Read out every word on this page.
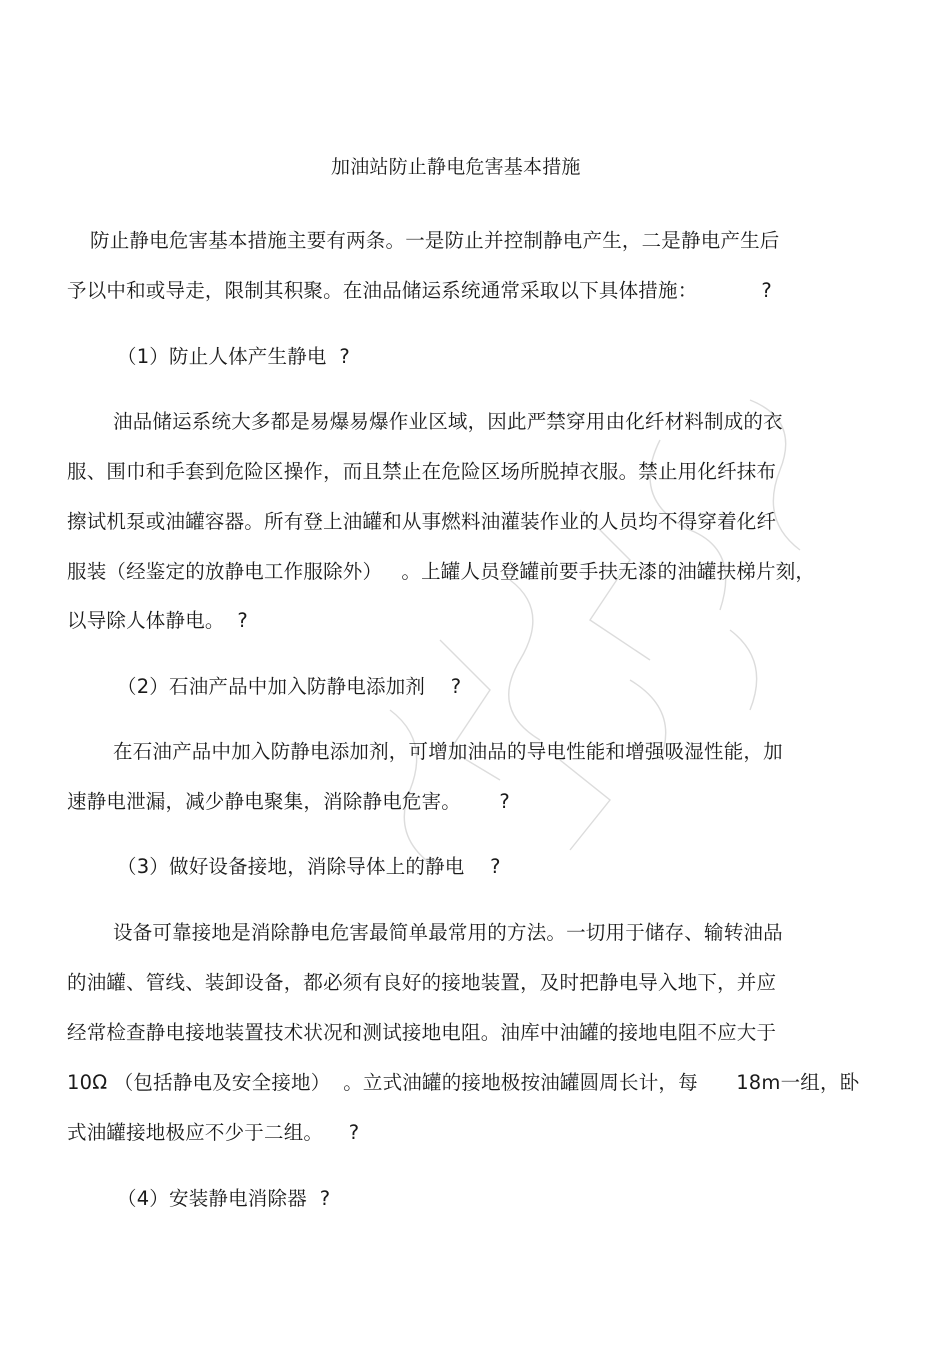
加油站防止静电危害基本措施
防止静电危害基本措施主要有两条。一是防止并控制静电产生，二是静电产生后
予以中和或导走，限制其积聚。在油品储运系统通常采取以下具体措施：          ?
（1）防止人体产生静电  ?
油品储运系统大多都是易爆易爆作业区域，因此严禁穿用由化纤材料制成的衣
服、围巾和手套到危险区操作，而且禁止在危险区场所脱掉衣服。禁止用化纤抹布
擦试机泵或油罐容器。所有登上油罐和从事燃料油灌装作业的人员均不得穿着化纤
服装（经鉴定的放静电工作服除外）   。上罐人员登罐前要手扶无漆的油罐扶梯片刻，
以导除人体静电。  ?
（2）石油产品中加入防静电添加剂    ?
在石油产品中加入防静电添加剂，可增加油品的导电性能和增强吸湿性能，加
速静电泄漏，减少静电聚集，消除静电危害。      ?
（3）做好设备接地，消除导体上的静电    ?
设备可靠接地是消除静电危害最简单最常用的方法。一切用于储存、输转油品
的油罐、管线、装卸设备，都必须有良好的接地装置，及时把静电导入地下，并应
经常检查静电接地装置技术状况和测试接地电阻。油库中油罐的接地电阻不应大于
10Ω （包括静电及安全接地）  。立式油罐的接地极按油罐圆周长计，每      18m一组，卧
式油罐接地极应不少于二组。    ?
（4）安装静电消除器  ?
